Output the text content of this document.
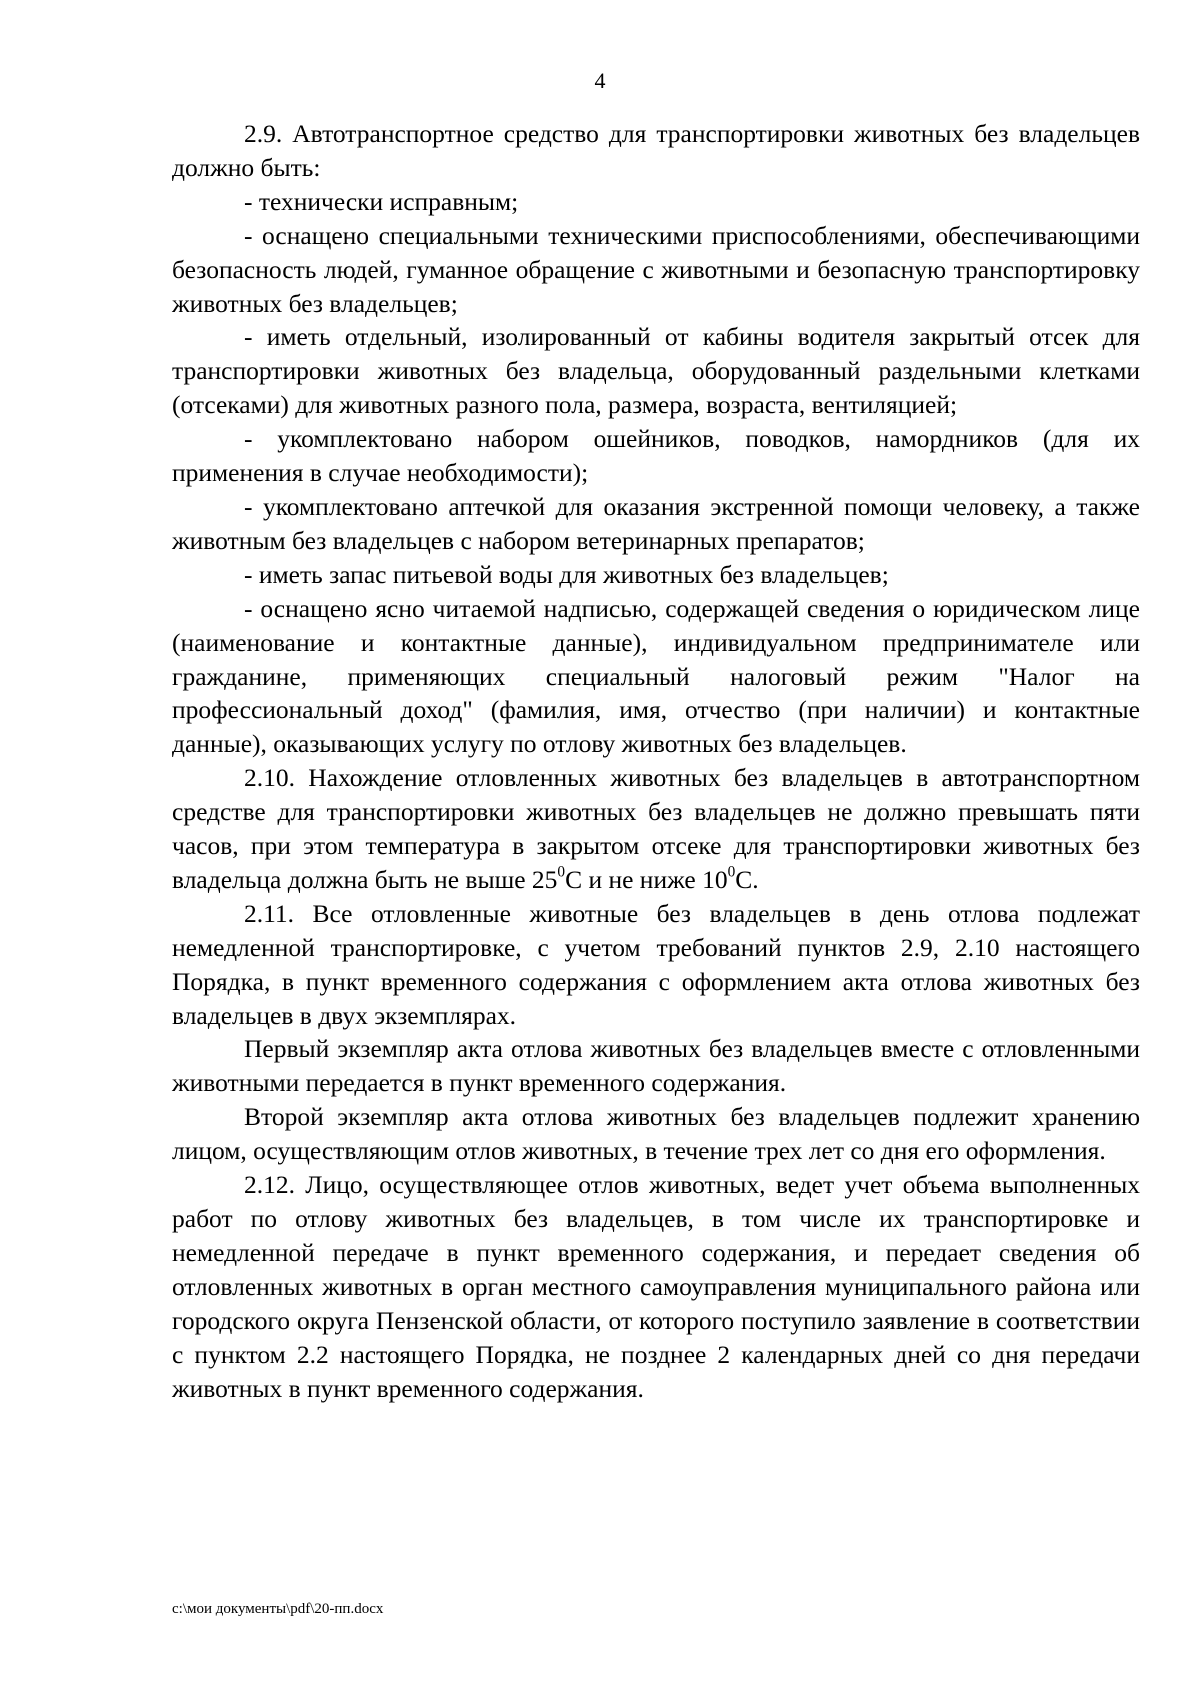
4

2.9. Автотранспортное средство для транспортировки животных без владельцев должно быть:

- технически исправным;

- оснащено специальными техническими приспособлениями, обеспечивающими безопасность людей, гуманное обращение с животными и безопасную транспортировку животных без владельцев;

- иметь отдельный, изолированный от кабины водителя закрытый отсек для транспортировки животных без владельца, оборудованный раздельными клетками (отсеками) для животных разного пола, размера, возраста, вентиляцией;

- укомплектовано набором ошейников, поводков, намордников (для их применения в случае необходимости);

- укомплектовано аптечкой для оказания экстренной помощи человеку, а также животным без владельцев с набором ветеринарных препаратов;

- иметь запас питьевой воды для животных без владельцев;

- оснащено ясно читаемой надписью, содержащей сведения о юридическом лице (наименование и контактные данные), индивидуальном предпринимателе или гражданине, применяющих специальный налоговый режим "Налог на профессиональный доход" (фамилия, имя, отчество (при наличии) и контактные данные), оказывающих услугу по отлову животных без владельцев.

2.10. Нахождение отловленных животных без владельцев в автотранспортном средстве для транспортировки животных без владельцев не должно превышать пяти часов, при этом температура в закрытом отсеке для транспортировки животных без владельца должна быть не выше $25^0С$ и не ниже $10^0С$.

2.11. Все отловленные животные без владельцев в день отлова подлежат немедленной транспортировке, с учетом требований пунктов 2.9, 2.10 настоящего Порядка, в пункт временного содержания с оформлением акта отлова животных без владельцев в двух экземплярах.

Первый экземпляр акта отлова животных без владельцев вместе с отловленными животными передается в пункт временного содержания.

Второй экземпляр акта отлова животных без владельцев подлежит хранению лицом, осуществляющим отлов животных, в течение трех лет со дня его оформления.

2.12. Лицо, осуществляющее отлов животных, ведет учет объема выполненных работ по отлову животных без владельцев, в том числе их транспортировке и немедленной передаче в пункт временного содержания, и передает сведения об отловленных животных в орган местного самоуправления муниципального района или городского округа Пензенской области, от которого поступило заявление в соответствии с пунктом 2.2 настоящего Порядка, не позднее 2 календарных дней со дня передачи животных в пункт временного содержания.

c:\мои документы\pdf\20-пп.docx
